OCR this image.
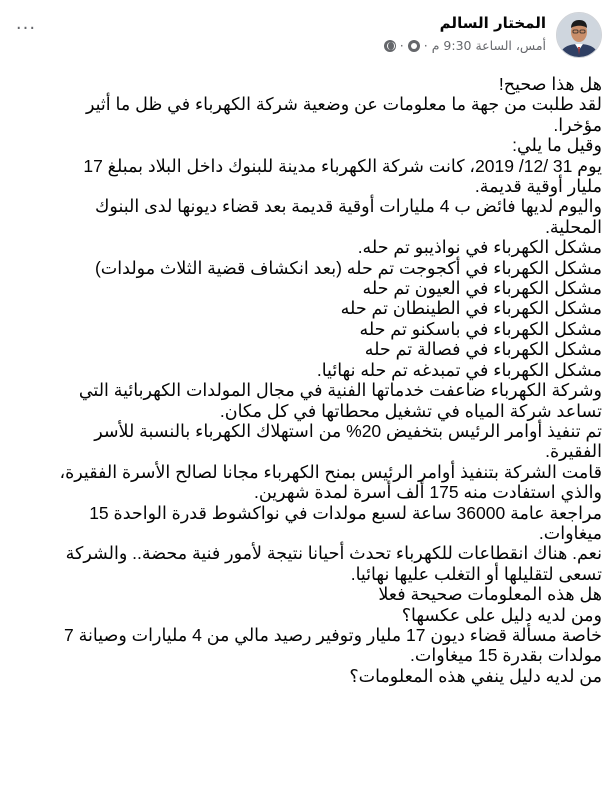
المختار السالم
أمس، الساعة 9:30 م
·
·
···
هل هذا صحيح!
لقد طلبت من جهة ما معلومات عن وضعية شركة الكهرباء في ظل ما أثير
مؤخرا.
وقيل ما يلي:
يوم 31 /12/ 2019، كانت شركة الكهرباء مدينة للبنوك داخل البلاد بمبلغ 17
مليار أوقية قديمة.
واليوم لديها فائض ب 4 مليارات أوقية قديمة بعد قضاء ديونها لدى البنوك
المحلية.
مشكل الكهرباء في نواذيبو تم حله.
مشكل الكهرباء في أكجوجت تم حله (بعد انكشاف قضية الثلاث مولدات)
مشكل الكهرباء في العيون تم حله
مشكل الكهرباء في الطينطان تم حله
مشكل الكهرباء في باسكنو تم حله
مشكل الكهرباء في فصالة تم حله
مشكل الكهرباء في تمبدغه تم حله نهائيا.
وشركة الكهرباء ضاعفت خدماتها الفنية في مجال المولدات الكهربائية التي
تساعد شركة المياه في تشغيل محطاتها في كل مكان.
تم تنفيذ أوامر الرئيس بتخفيض 20% من استهلاك الكهرباء بالنسبة للأسر
الفقيرة.
قامت الشركة بتنفيذ أوامر الرئيس بمنح الكهرباء مجانا لصالح الأسرة الفقيرة،
والذي استفادت منه 175 ألف أسرة لمدة شهرين.
مراجعة عامة 36000 ساعة لسبع مولدات في نواكشوط قدرة الواحدة 15
ميغاوات.
نعم. هناك انقطاعات للكهرباء تحدث أحيانا نتيجة لأمور فنية محضة.. والشركة
تسعى لتقليلها أو التغلب عليها نهائيا.
هل هذه المعلومات صحيحة فعلا
ومن لديه دليل على عكسها؟
خاصة مسألة قضاء ديون 17 مليار وتوفير رصيد مالي من 4 مليارات وصيانة 7
مولدات بقدرة 15 ميغاوات.
من لديه دليل ينفي هذه المعلومات؟
